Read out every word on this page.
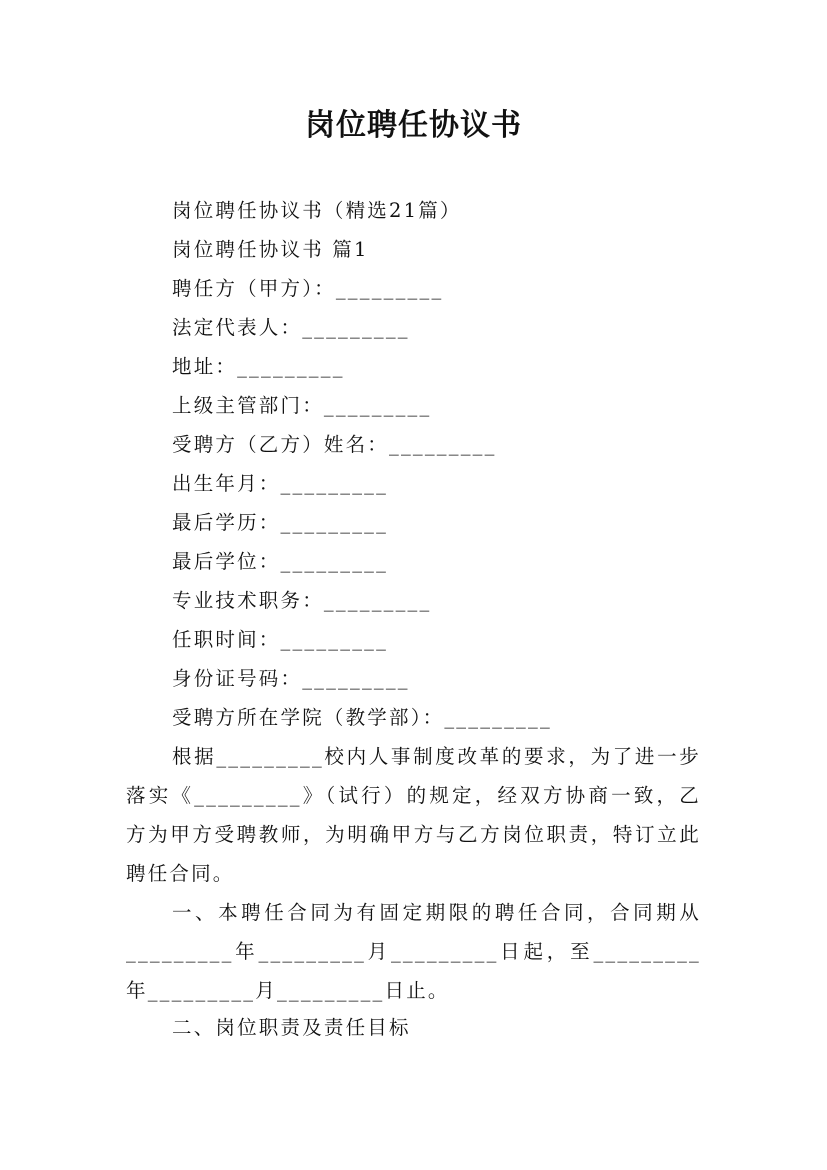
岗位聘任协议书
岗位聘任协议书（精选21篇）
岗位聘任协议书 篇1
聘任方（甲方）：_________
法定代表人：_________
地址：_________
上级主管部门：_________
受聘方（乙方）姓名：_________
出生年月：_________
最后学历：_________
最后学位：_________
专业技术职务：_________
任职时间：_________
身份证号码：_________
受聘方所在学院（教学部）：_________
根据_________校内人事制度改革的要求，为了进一步落实《_________》（试行）的规定，经双方协商一致，乙方为甲方受聘教师，为明确甲方与乙方岗位职责，特订立此聘任合同。
一、本聘任合同为有固定期限的聘任合同，合同期从_________年_________月_________日起，至_________年_________月_________日止。
二、岗位职责及责任目标
